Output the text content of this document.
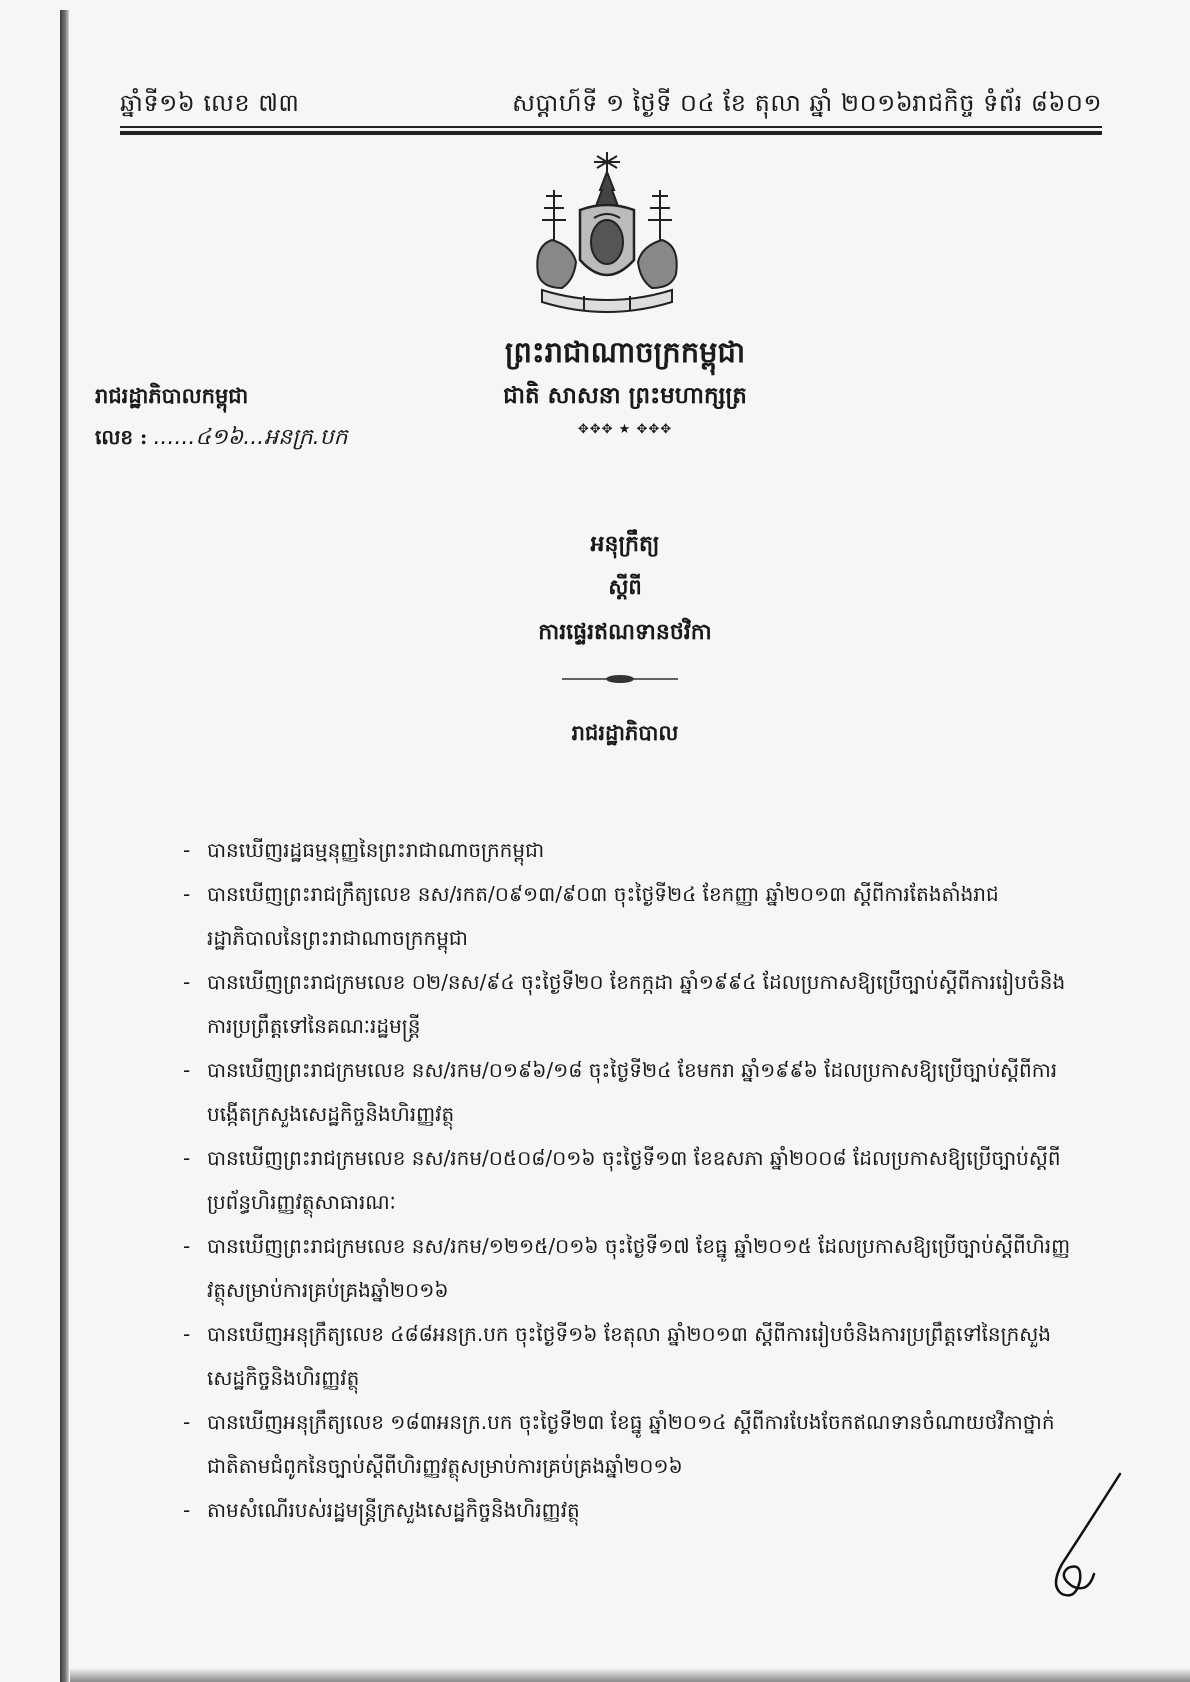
ឆ្នាំទី១៦ លេខ ៧៣	សប្តាហ៍ទី ១ ថ្ងៃទី ០៤ ខែ តុលា ឆ្នាំ ២០១៦
រាជកិច្ច ទំព័រ ៨៦០១
ព្រះរាជាណាចក្រកម្ពុជា
ជាតិ សាសនា ព្រះមហាក្សត្រ
✥✥✥ ★ ✥✥✥
រាជរដ្ឋាភិបាលកម្ពុជា
លេខ : ......៤១៦...អនក្រ.បក
អនុក្រឹត្យ
ស្តីពី
ការផ្ទេរឥណទានថវិកា
រាជរដ្ឋាភិបាល
- បានឃើញរដ្ឋធម្មនុញ្ញនៃព្រះរាជាណាចក្រកម្ពុជា
- បានឃើញព្រះរាជក្រឹត្យលេខ នស/រកត/០៩១៣/៩០៣ ចុះថ្ងៃទី២៤ ខែកញ្ញា ឆ្នាំ២០១៣ ស្តីពីការតែងតាំងរាជរដ្ឋាភិបាលនៃព្រះរាជាណាចក្រកម្ពុជា
- បានឃើញព្រះរាជក្រមលេខ ០២/នស/៩៤ ចុះថ្ងៃទី២០ ខែកក្កដា ឆ្នាំ១៩៩៤ ដែលប្រកាសឱ្យប្រើច្បាប់ស្តីពីការរៀបចំនិងការប្រព្រឹត្តទៅនៃគណៈរដ្ឋមន្ត្រី
- បានឃើញព្រះរាជក្រមលេខ នស/រកម/០១៩៦/១៨ ចុះថ្ងៃទី២៤ ខែមករា ឆ្នាំ១៩៩៦ ដែលប្រកាសឱ្យប្រើច្បាប់ស្តីពីការបង្កើតក្រសួងសេដ្ឋកិច្ចនិងហិរញ្ញវត្ថុ
- បានឃើញព្រះរាជក្រមលេខ នស/រកម/០៥០៨/០១៦ ចុះថ្ងៃទី១៣ ខែឧសភា ឆ្នាំ២០០៨ ដែលប្រកាសឱ្យប្រើច្បាប់ស្តីពីប្រព័ន្ធហិរញ្ញវត្ថុសាធារណៈ
- បានឃើញព្រះរាជក្រមលេខ នស/រកម/១២១៥/០១៦ ចុះថ្ងៃទី១៧ ខែធ្នូ ឆ្នាំ២០១៥ ដែលប្រកាសឱ្យប្រើច្បាប់ស្តីពីហិរញ្ញវត្ថុសម្រាប់ការគ្រប់គ្រងឆ្នាំ២០១៦
- បានឃើញអនុក្រឹត្យលេខ ៤៨៨អនក្រ.បក ចុះថ្ងៃទី១៦ ខែតុលា ឆ្នាំ២០១៣ ស្តីពីការរៀបចំនិងការប្រព្រឹត្តទៅនៃក្រសួងសេដ្ឋកិច្ចនិងហិរញ្ញវត្ថុ
- បានឃើញអនុក្រឹត្យលេខ ១៨៣អនក្រ.បក ចុះថ្ងៃទី២៣ ខែធ្នូ ឆ្នាំ២០១៤ ស្តីពីការបែងចែកឥណទានចំណាយថវិកាថ្នាក់ជាតិតាមជំពូកនៃច្បាប់ស្តីពីហិរញ្ញវត្ថុសម្រាប់ការគ្រប់គ្រងឆ្នាំ២០១៦
- តាមសំណើរបស់រដ្ឋមន្ត្រីក្រសួងសេដ្ឋកិច្ចនិងហិរញ្ញវត្ថុ
